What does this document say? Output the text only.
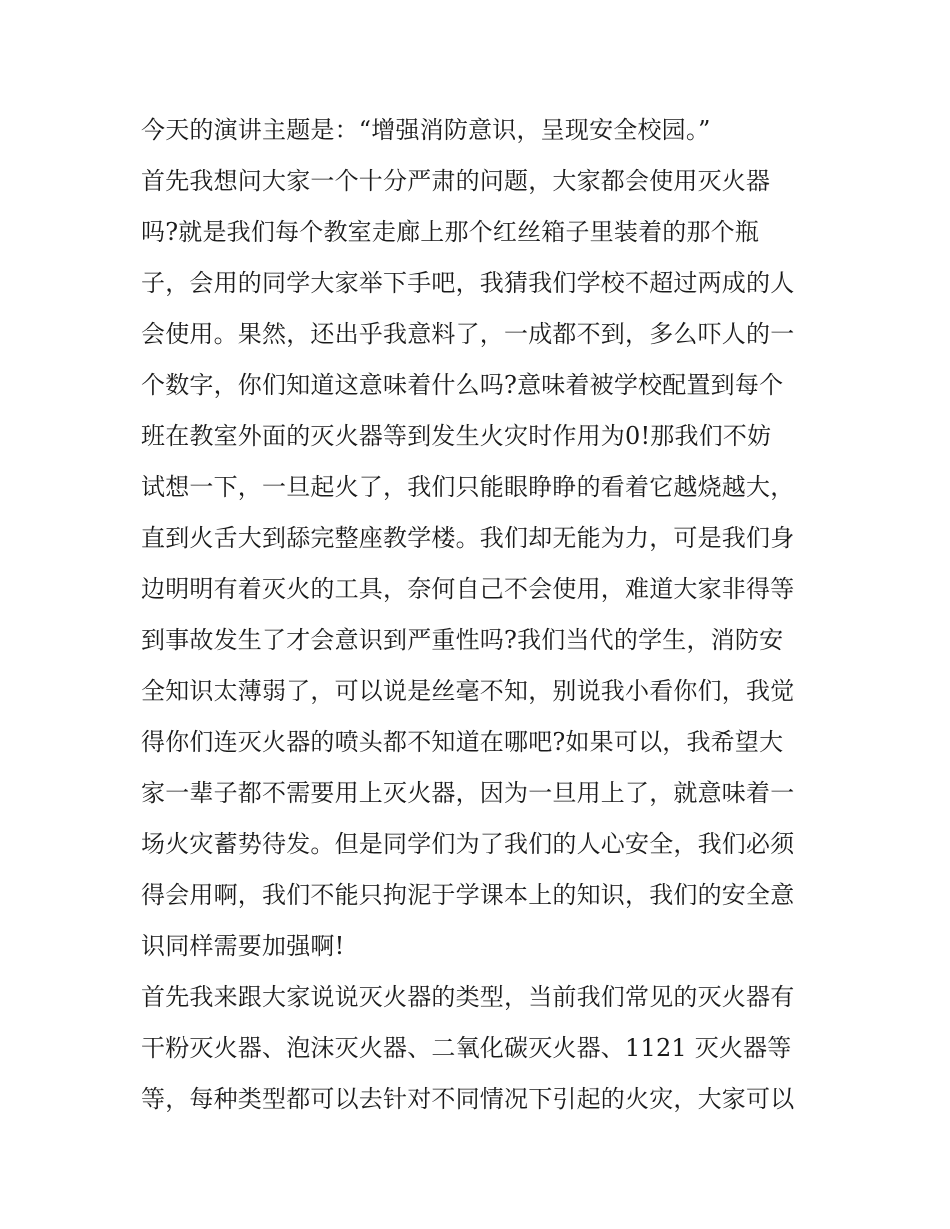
今天的演讲主题是：“增强消防意识，呈现安全校园。”
首先我想问大家一个十分严肃的问题，大家都会使用灭火器
吗?就是我们每个教室走廊上那个红丝箱子里装着的那个瓶
子，会用的同学大家举下手吧，我猜我们学校不超过两成的人
会使用。果然，还出乎我意料了，一成都不到，多么吓人的一
个数字，你们知道这意味着什么吗?意味着被学校配置到每个
班在教室外面的灭火器等到发生火灾时作用为0!那我们不妨
试想一下，一旦起火了，我们只能眼睁睁的看着它越烧越大，
直到火舌大到舔完整座教学楼。我们却无能为力，可是我们身
边明明有着灭火的工具，奈何自己不会使用，难道大家非得等
到事故发生了才会意识到严重性吗?我们当代的学生，消防安
全知识太薄弱了，可以说是丝毫不知，别说我小看你们，我觉
得你们连灭火器的喷头都不知道在哪吧?如果可以，我希望大
家一辈子都不需要用上灭火器，因为一旦用上了，就意味着一
场火灾蓄势待发。但是同学们为了我们的人心安全，我们必须
得会用啊，我们不能只拘泥于学课本上的知识，我们的安全意
识同样需要加强啊!
首先我来跟大家说说灭火器的类型，当前我们常见的灭火器有
干粉灭火器、泡沫灭火器、二氧化碳灭火器、1121 灭火器等
等，每种类型都可以去针对不同情况下引起的火灾，大家可以
